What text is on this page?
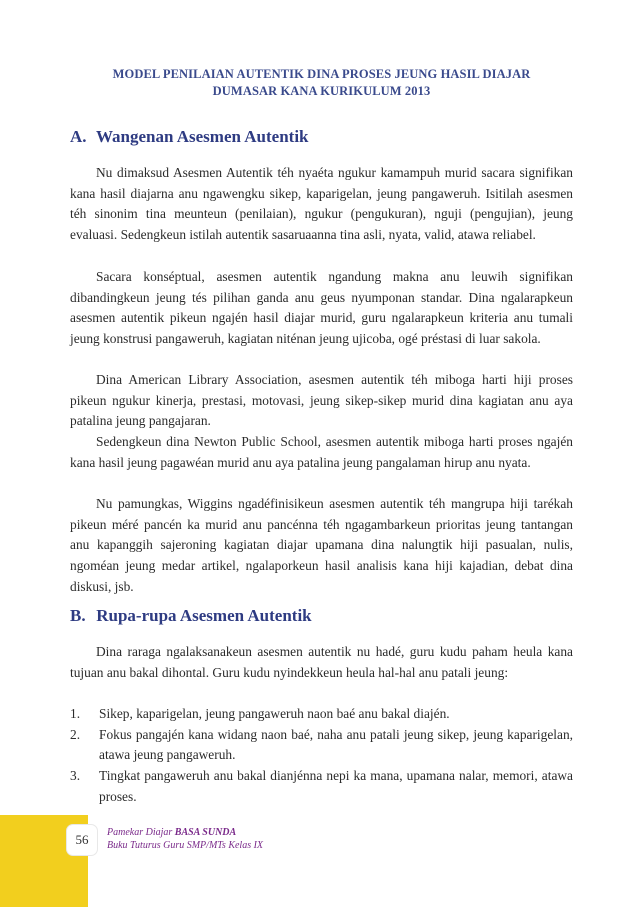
MODEL PENILAIAN AUTENTIK DINA PROSES JEUNG HASIL DIAJAR
DUMASAR KANA KURIKULUM 2013
A. Wangenan Asesmen Autentik

Nu dimaksud Asesmen Autentik téh nyaéta ngukur kamampuh murid sacara signifikan kana hasil diajarna anu ngawengku sikep, kaparigelan, jeung pangaweruh. Isitilah asesmen téh sinonim tina meunteun (penilaian), ngukur (pengukuran), nguji (pengujian), jeung evaluasi. Sedengkeun istilah autentik sasaruaanna tina asli, nyata, valid, atawa reliabel.

Sacara konséptual, asesmen autentik ngandung makna anu leuwih signifikan dibandingkeun jeung tés pilihan ganda anu geus nyumponan standar. Dina ngalarapkeun asesmen autentik pikeun ngajén hasil diajar murid, guru ngalarapkeun kriteria anu tumali jeung konstrusi pangaweruh, kagiatan niténan jeung ujicoba, ogé préstasi di luar sakola.

Dina American Library Association, asesmen autentik téh miboga harti hiji proses pikeun ngukur kinerja, prestasi, motovasi, jeung sikep-sikep murid dina kagiatan anu aya patalina jeung pangajaran.

Sedengkeun dina Newton Public School, asesmen autentik miboga harti proses ngajén kana hasil jeung pagawéan murid anu aya patalina jeung pangalaman hirup anu nyata.

Nu pamungkas, Wiggins ngadéfinisikeun asesmen autentik téh mangrupa hiji tarékah pikeun méré pancén ka murid anu pancénna téh ngagambarkeun prioritas jeung tantangan anu kapanggih sajeroning kagiatan diajar upamana dina nalungtik hiji pasualan, nulis, ngoméan jeung medar artikel, ngalaporkeun hasil analisis kana hiji kajadian, debat dina diskusi, jsb.

B. Rupa-rupa Asesmen Autentik

Dina raraga ngalaksanakeun asesmen autentik nu hadé, guru kudu paham heula kana tujuan anu bakal dihontal. Guru kudu nyindekkeun heula hal-hal anu patali jeung:

1. Sikep, kaparigelan, jeung pangaweruh naon baé anu bakal diajén.
2. Fokus pangajén kana widang naon baé, naha anu patali jeung sikep, jeung kaparigelan, atawa jeung pangaweruh.
3. Tingkat pangaweruh anu bakal dianjénna nepi ka mana, upamana nalar, memori, atawa proses.
56	Pamekar Diajar BASA SUNDA
Buku Tuturus Guru SMP/MTs Kelas IX
